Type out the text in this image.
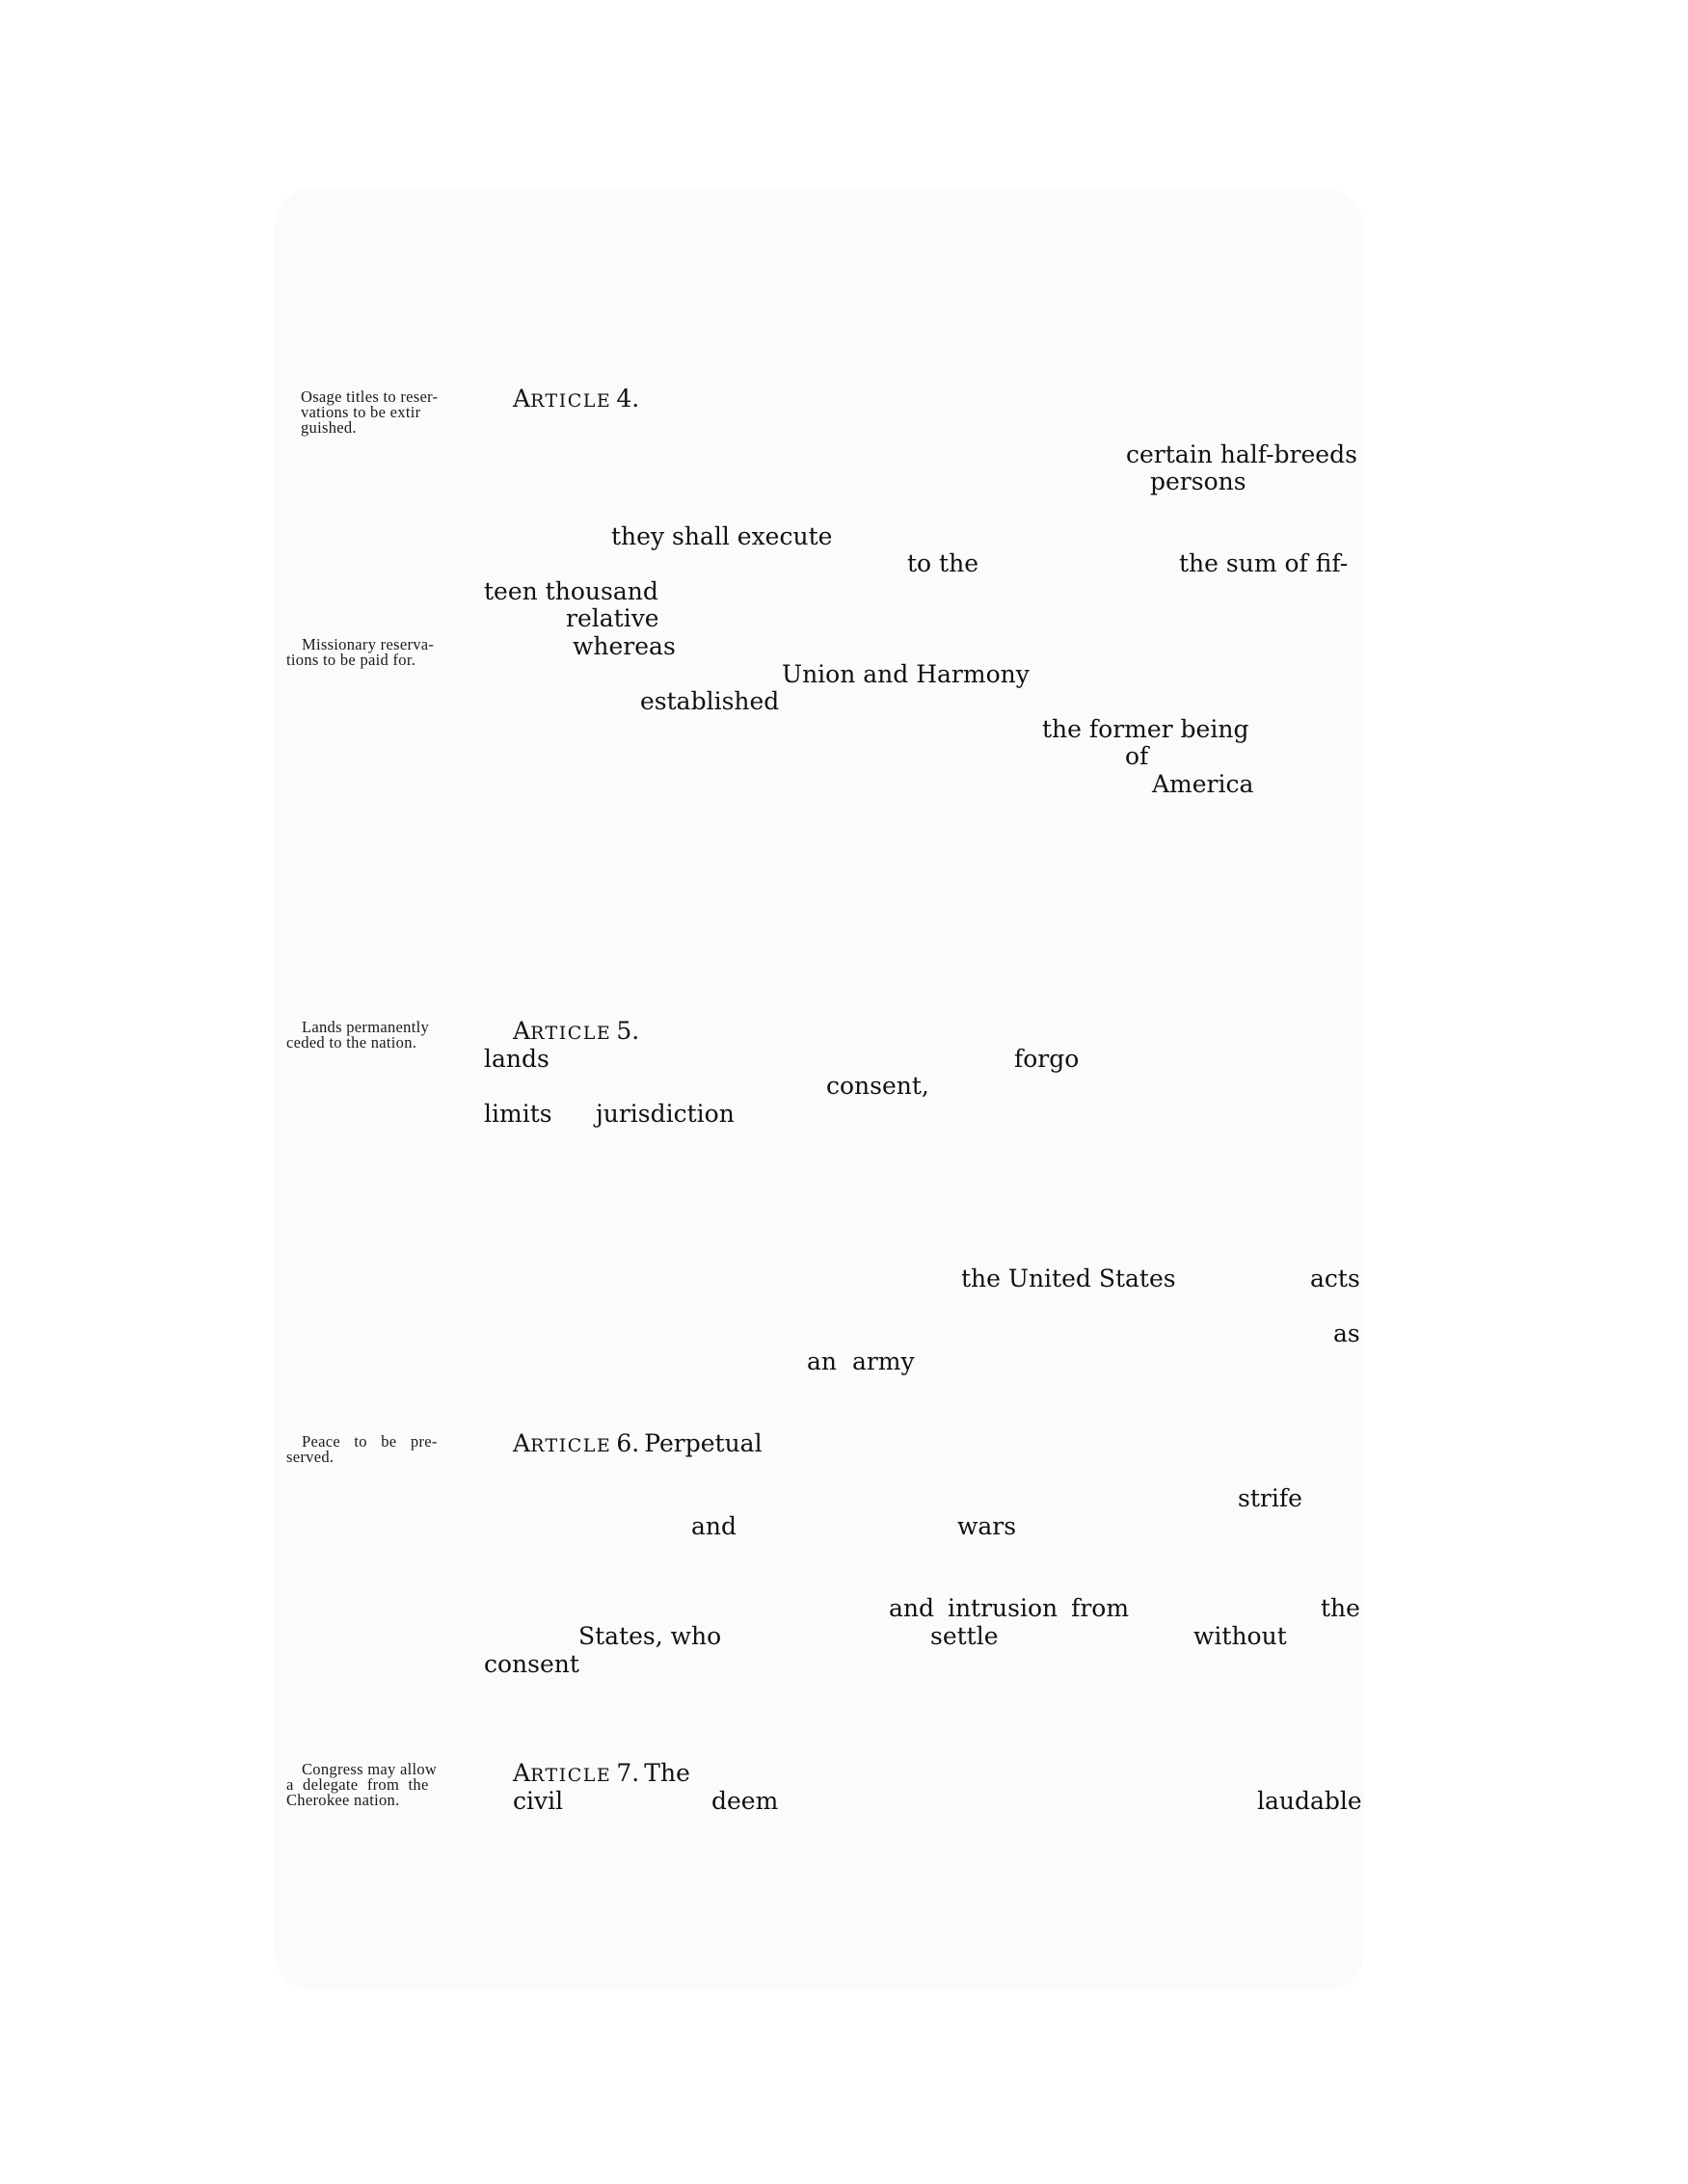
Osage titles to reser-
vations to be extir
guished.
Missionary reserva-
tions to be paid for.
Lands permanently
ceded to the nation.
Peace to be pre-
served.
Congress may allow
a delegate from the
Cherokee nation.
ARTICLE 4.
certain half-breeds
persons
they shall execute
to the	the sum of fif-
teen thousand
relative
whereas
Union and Harmony
established
the former being
of
America
ARTICLE 5.
lands	forgo
consent,
limits jurisdiction
the United States	acts
as
an army
ARTICLE 6. Perpetual
strife
and	wars
and intrusion from	the
States, who	settle	without
consent
ARTICLE 7. The
civil	deem	laudable
